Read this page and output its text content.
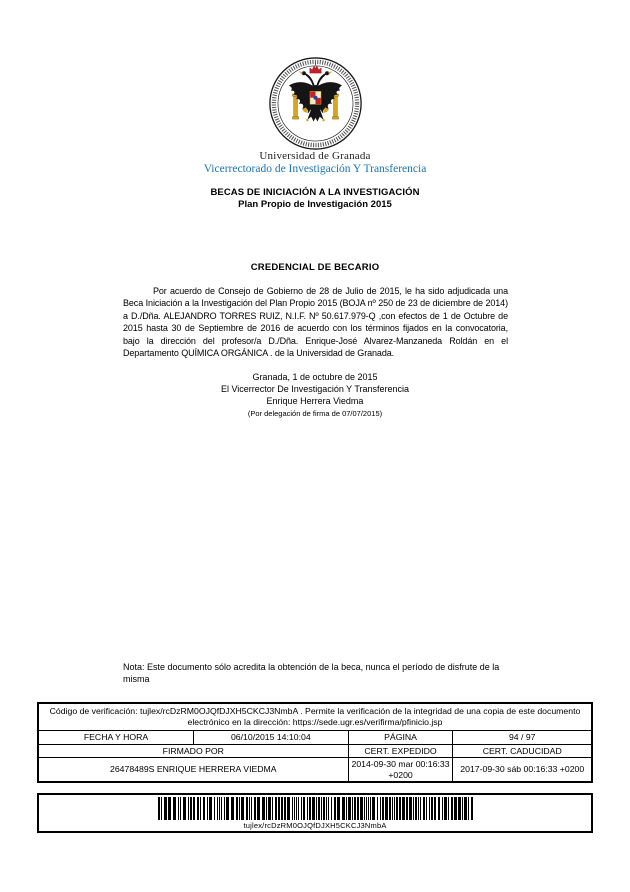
Universidad de Granada
Vicerrectorado de Investigación Y Transferencia
BECAS DE INICIACIÓN A LA INVESTIGACIÓN
Plan Propio de Investigación 2015
CREDENCIAL DE BECARIO

Por acuerdo de Consejo de Gobierno de 28 de Julio de 2015, le ha sido adjudicada una Beca Iniciación a la Investigación del Plan Propio 2015 (BOJA nº 250 de 23 de diciembre de 2014) a D./Dña. ALEJANDRO TORRES RUIZ, N.I.F. Nº 50.617.979-Q ,con efectos de 1 de Octubre de 2015 hasta 30 de Septiembre de 2016 de acuerdo con los términos fijados en la convocatoria, bajo la dirección del profesor/a D./Dña. Enrique-José Alvarez-Manzaneda Roldán en el Departamento QUÍMICA ORGÁNICA . de la Universidad de Granada.

Granada, 1 de octubre de 2015
El Vicerrector De Investigación Y Transferencia
Enrique Herrera Viedma
(Por delegación de firma de 07/07/2015)
Nota: Este documento sólo acredita la obtención de la beca, nunca el período de disfrute de la misma
Código de verificación: tujlex/rcDzRM0OJQfDJXH5CKCJ3NmbA . Permite la verificación de la integridad de una copia de este documento electrónico en la dirección: https://sede.ugr.es/verifirma/pfinicio.jsp
FECHA Y HORA	06/10/2015 14:10:04	PÁGINA	94 / 97
FIRMADO POR		CERT. EXPEDIDO	CERT. CADUCIDAD
26478489S ENRIQUE HERRERA VIEDMA		2014-09-30 mar 00:16:33 +0200	2017-09-30 sáb 00:16:33 +0200
tujlex/rcDzRM0OJQfDJXH5CKCJ3NmbA
